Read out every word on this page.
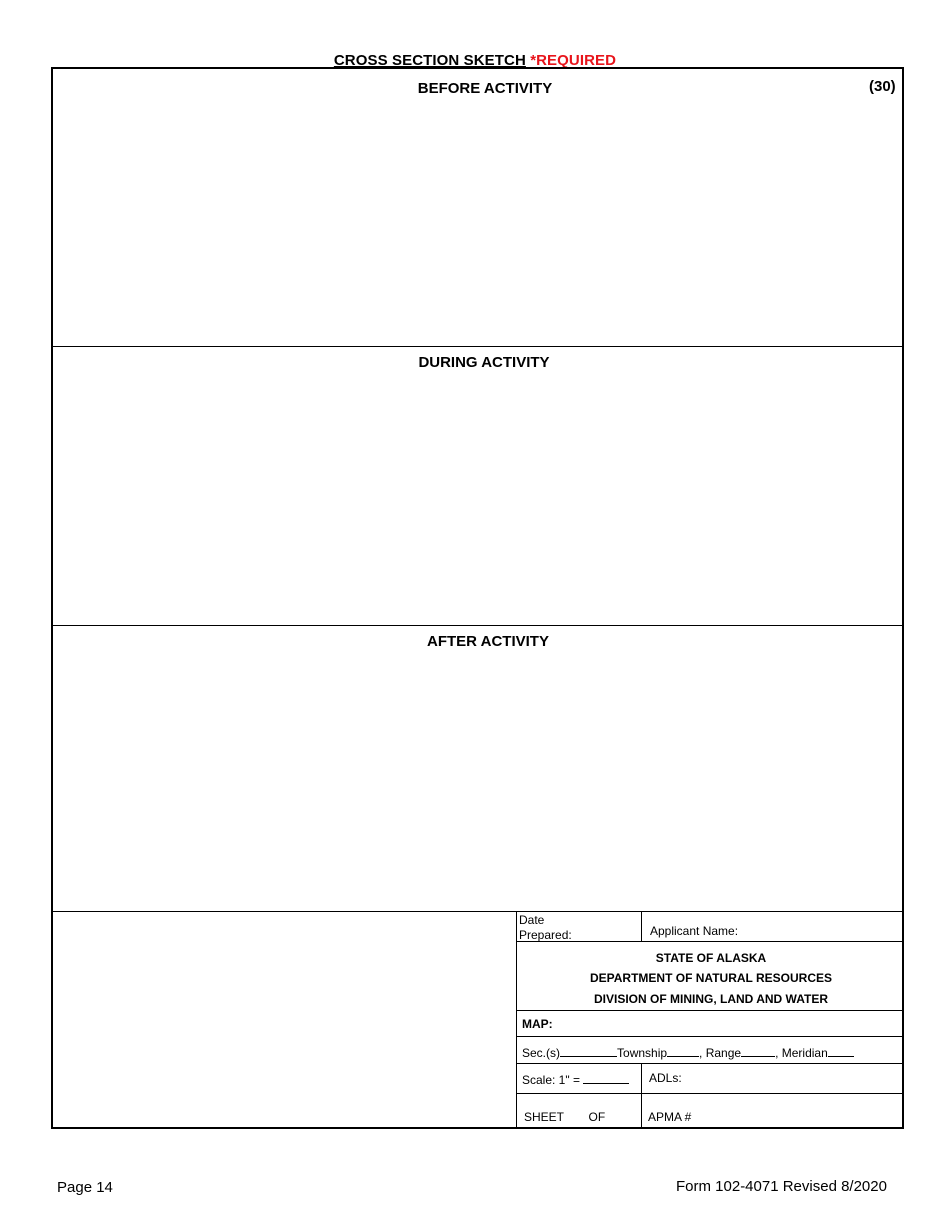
CROSS SECTION SKETCH *REQUIRED
BEFORE ACTIVITY	(30)
DURING ACTIVITY
AFTER ACTIVITY
Date
Prepared:	Applicant Name:
STATE OF ALASKA
DEPARTMENT OF NATURAL RESOURCES
DIVISION OF MINING, LAND AND WATER
MAP:
Sec.(s)	Township	, Range	, Meridian
Scale: 1" =	ADLs:
SHEET OF	APMA #
Page 14	Form 102-4071 Revised 8/2020
